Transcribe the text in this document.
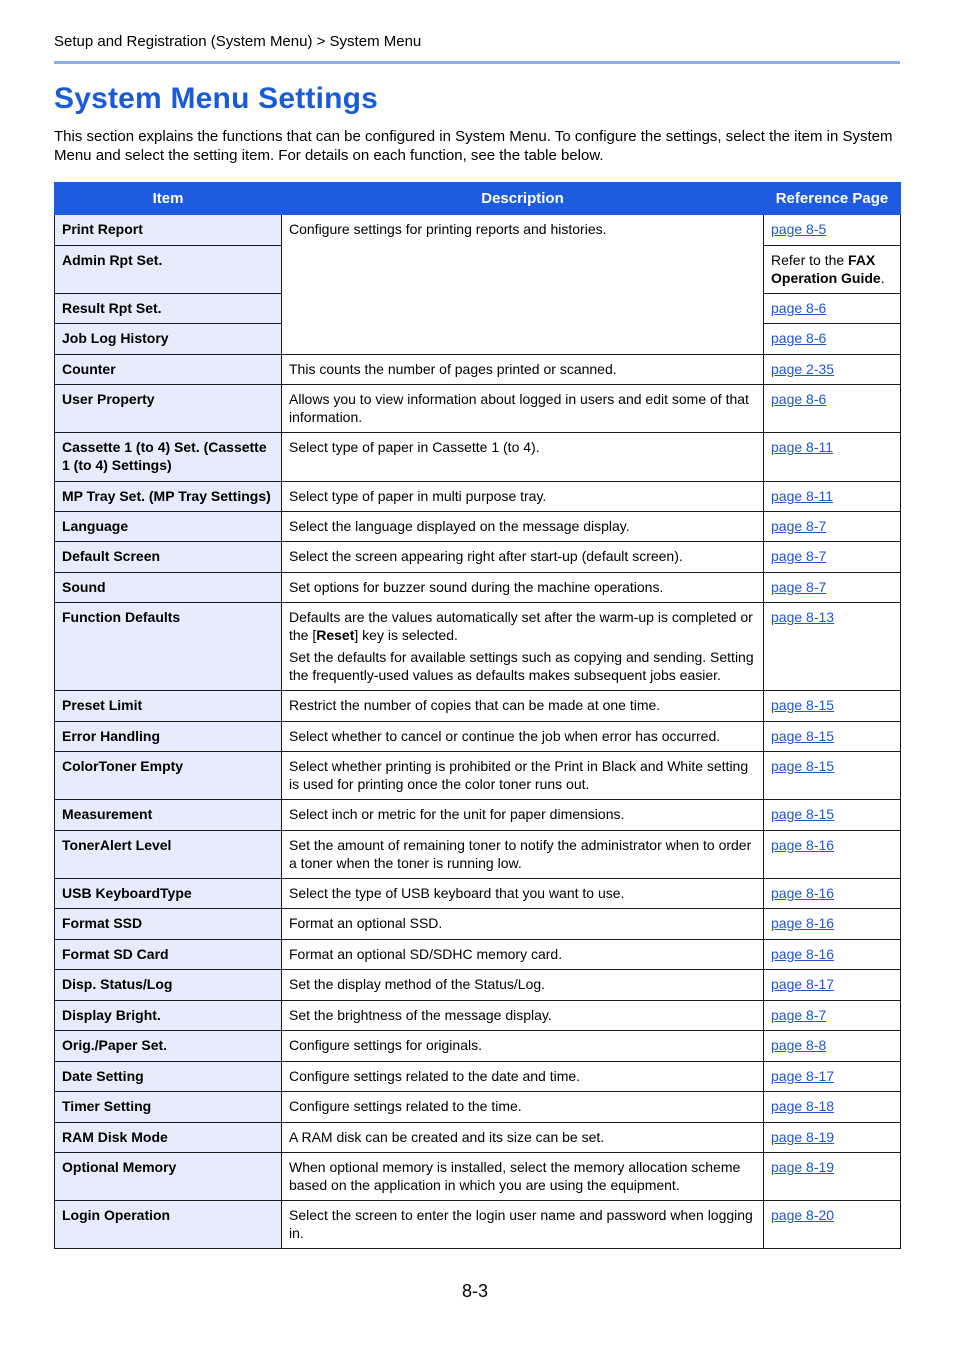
Setup and Registration (System Menu) > System Menu
System Menu Settings

This section explains the functions that can be configured in System Menu. To configure the settings, select the item in System Menu and select the setting item. For details on each function, see the table below.

Item	Description	Reference Page
Print Report	Configure settings for printing reports and histories.	page 8-5
Admin Rpt Set.		Refer to the FAX Operation Guide.
Result Rpt Set.		page 8-6
Job Log History		page 8-6
Counter	This counts the number of pages printed or scanned.	page 2-35
User Property	Allows you to view information about logged in users and edit some of that information.	page 8-6
Cassette 1 (to 4) Set. (Cassette 1 (to 4) Settings)	Select type of paper in Cassette 1 (to 4).	page 8-11
MP Tray Set. (MP Tray Settings)	Select type of paper in multi purpose tray.	page 8-11
Language	Select the language displayed on the message display.	page 8-7
Default Screen	Select the screen appearing right after start-up (default screen).	page 8-7
Sound	Set options for buzzer sound during the machine operations.	page 8-7
Function Defaults	Defaults are the values automatically set after the warm-up is completed or the [Reset] key is selected.

Set the defaults for available settings such as copying and sending. Setting the frequently-used values as defaults makes subsequent jobs easier.	page 8-13
Preset Limit	Restrict the number of copies that can be made at one time.	page 8-15
Error Handling	Select whether to cancel or continue the job when error has occurred.	page 8-15
ColorToner Empty	Select whether printing is prohibited or the Print in Black and White setting is used for printing once the color toner runs out.	page 8-15
Measurement	Select inch or metric for the unit for paper dimensions.	page 8-15
TonerAlert Level	Set the amount of remaining toner to notify the administrator when to order a toner when the toner is running low.	page 8-16
USB KeyboardType	Select the type of USB keyboard that you want to use.	page 8-16
Format SSD	Format an optional SSD.	page 8-16
Format SD Card	Format an optional SD/SDHC memory card.	page 8-16
Disp. Status/Log	Set the display method of the Status/Log.	page 8-17
Display Bright.	Set the brightness of the message display.	page 8-7
Orig./Paper Set.	Configure settings for originals.	page 8-8
Date Setting	Configure settings related to the date and time.	page 8-17
Timer Setting	Configure settings related to the time.	page 8-18
RAM Disk Mode	A RAM disk can be created and its size can be set.	page 8-19
Optional Memory	When optional memory is installed, select the memory allocation scheme based on the application in which you are using the equipment.	page 8-19
Login Operation	Select the screen to enter the login user name and password when logging in.	page 8-20
8-3
